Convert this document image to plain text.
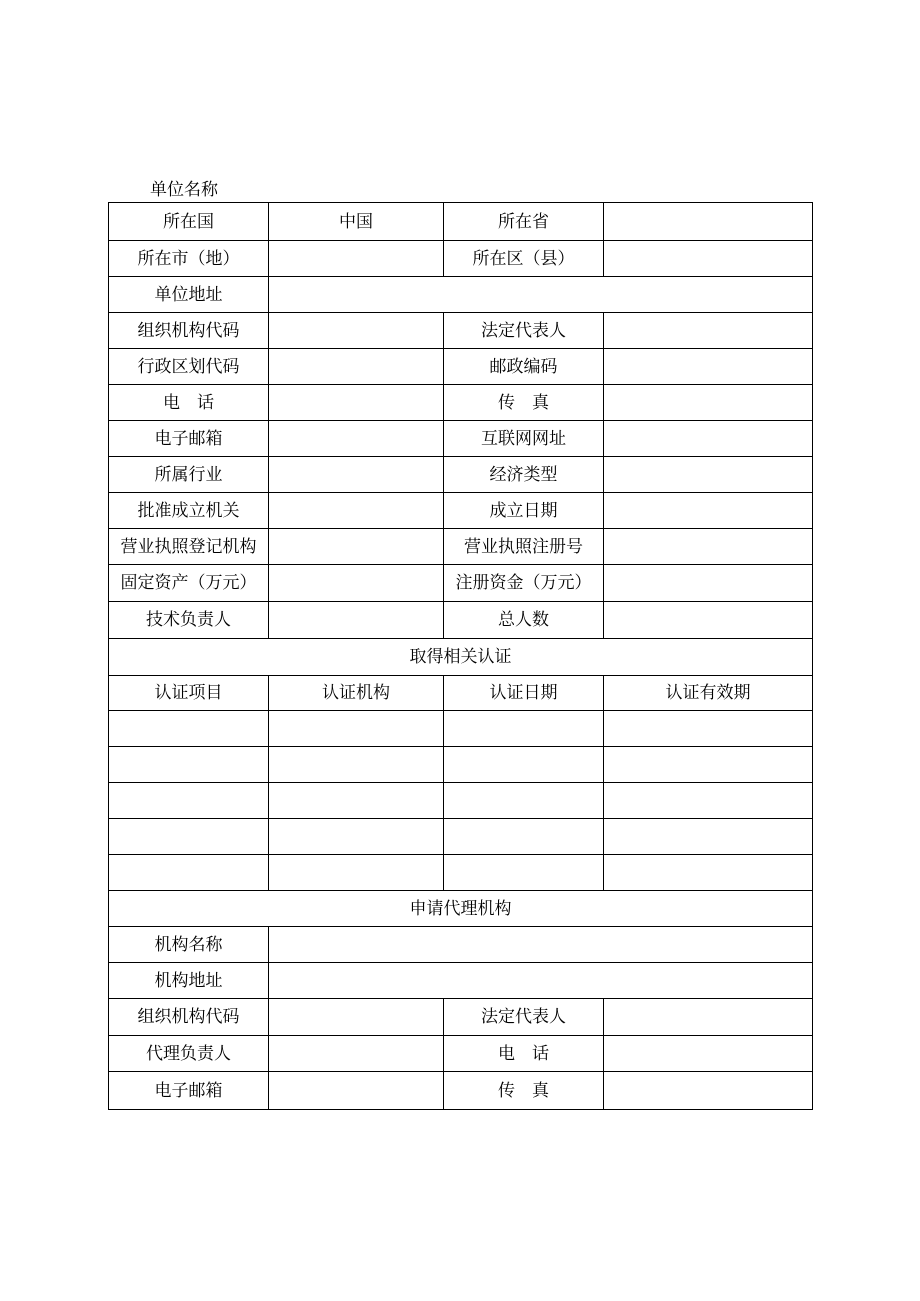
单位名称
所在国	中国	所在省	
所在市（地）		所在区（县）	
单位地址			
组织机构代码		法定代表人	
行政区划代码		邮政编码	
电　话		传　真	
电子邮箱		互联网网址	
所属行业		经济类型	
批准成立机关		成立日期	
营业执照登记机构		营业执照注册号	
固定资产（万元）		注册资金（万元）	
技术负责人		总人数	
取得相关认证			
认证项目	认证机构	认证日期	认证有效期

申请代理机构			
机构名称			
机构地址			
组织机构代码		法定代表人	
代理负责人		电　话	
电子邮箱		传　真	
